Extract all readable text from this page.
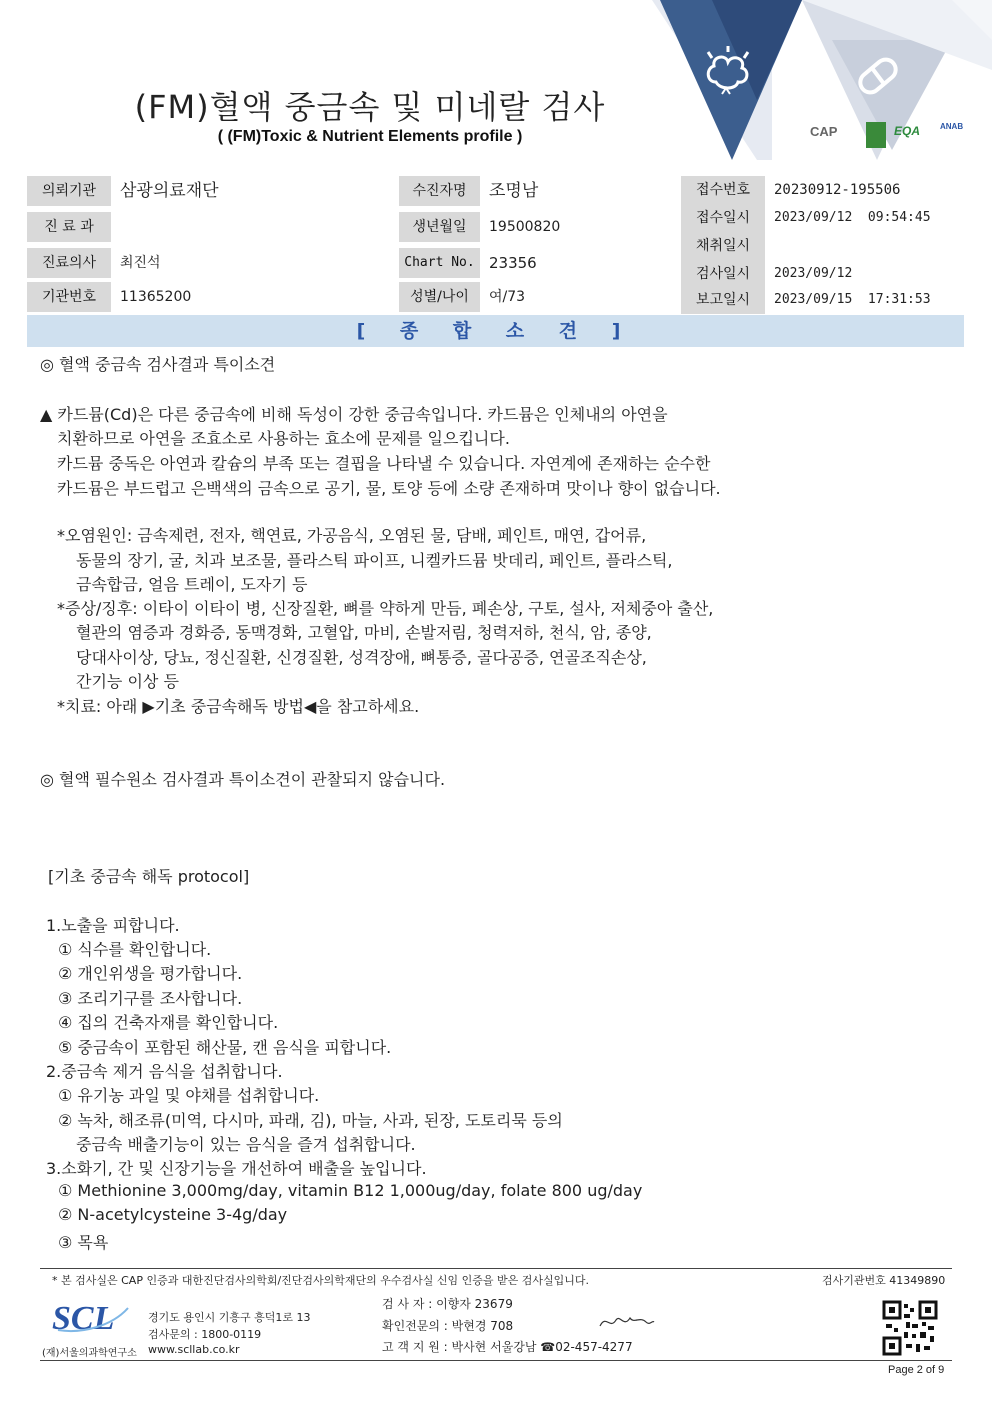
(FM)혈액 중금속 및 미네랄 검사
( (FM)Toxic & Nutrient Elements profile )	CAP	EQA ANAB
의뢰기관	삼광의료재단	수진자명	조명남
진 료 과	생년월일	19500820
진료의사	최진석	Chart No. 23356
기관번호	11365200	성별/나이	여/73
접수번호	20230912-195506
접수일시	2023/09/12  09:54:45
채취일시
검사일시	2023/09/12
보고일시	2023/09/15  17:31:53
[ 종 합 소 견 ]
◎ 혈액 중금속 검사결과 특이소견
▲ 카드뮴(Cd)은 다른 중금속에 비해 독성이 강한 중금속입니다. 카드뮴은 인체내의 아연을
치환하므로 아연을 조효소로 사용하는 효소에 문제를 일으킵니다.
카드뮴 중독은 아연과 칼슘의 부족 또는 결핍을 나타낼 수 있습니다. 자연계에 존재하는 순수한
카드뮴은 부드럽고 은백색의 금속으로 공기, 물, 토양 등에 소량 존재하며 맛이나 향이 없습니다.
*오염원인: 금속제련, 전자, 핵연료, 가공음식, 오염된 물, 담배, 페인트, 매연, 갑어류,
동물의 장기, 굴, 치과 보조물, 플라스틱 파이프, 니켈카드뮴 밧데리, 페인트, 플라스틱,
금속합금, 얼음 트레이, 도자기 등
*증상/징후: 이타이 이타이 병, 신장질환, 뼈를 약하게 만듬, 폐손상, 구토, 설사, 저체중아 출산,
혈관의 염증과 경화증, 동맥경화, 고혈압, 마비, 손발저림, 청력저하, 천식, 암, 종양,
당대사이상, 당뇨, 정신질환, 신경질환, 성격장애, 뼈통증, 골다공증, 연골조직손상,
간기능 이상 등
*치료: 아래 ▶기초 중금속해독 방법◀을 참고하세요.
◎ 혈액 필수원소 검사결과 특이소견이 관찰되지 않습니다.
[기초 중금속 해독 protocol]
1.노출을 피합니다.
① 식수를 확인합니다.
② 개인위생을 평가합니다.
③ 조리기구를 조사합니다.
④ 집의 건축자재를 확인합니다.
⑤ 중금속이 포함된 해산물, 캔 음식을 피합니다.
2.중금속 제거 음식을 섭취합니다.
① 유기농 과일 및 야채를 섭취합니다.
② 녹차, 해조류(미역, 다시마, 파래, 김), 마늘, 사과, 된장, 도토리묵 등의
중금속 배출기능이 있는 음식을 즐겨 섭취합니다.
3.소화기, 간 및 신장기능을 개선하여 배출을 높입니다.
① Methionine 3,000mg/day, vitamin B12 1,000ug/day, folate 800 ug/day
② N-acetylcysteine 3-4g/day
③ 목욕
* 본 검사실은 CAP 인증과 대한진단검사의학회/진단검사의학재단의 우수검사실 신임 인증을 받은 검사실입니다.	검사기관번호 41349890
SCL
(재)서울의과학연구소
경기도 용인시 기흥구 흥덕1로 13
검사문의 : 1800-0119
www.scllab.co.kr
검 사 자 : 이향자 23679
확인전문의 : 박현경 708
고 객 지 원 : 박사현 서울강남 ☎02-457-4277
Page 2 of 9
